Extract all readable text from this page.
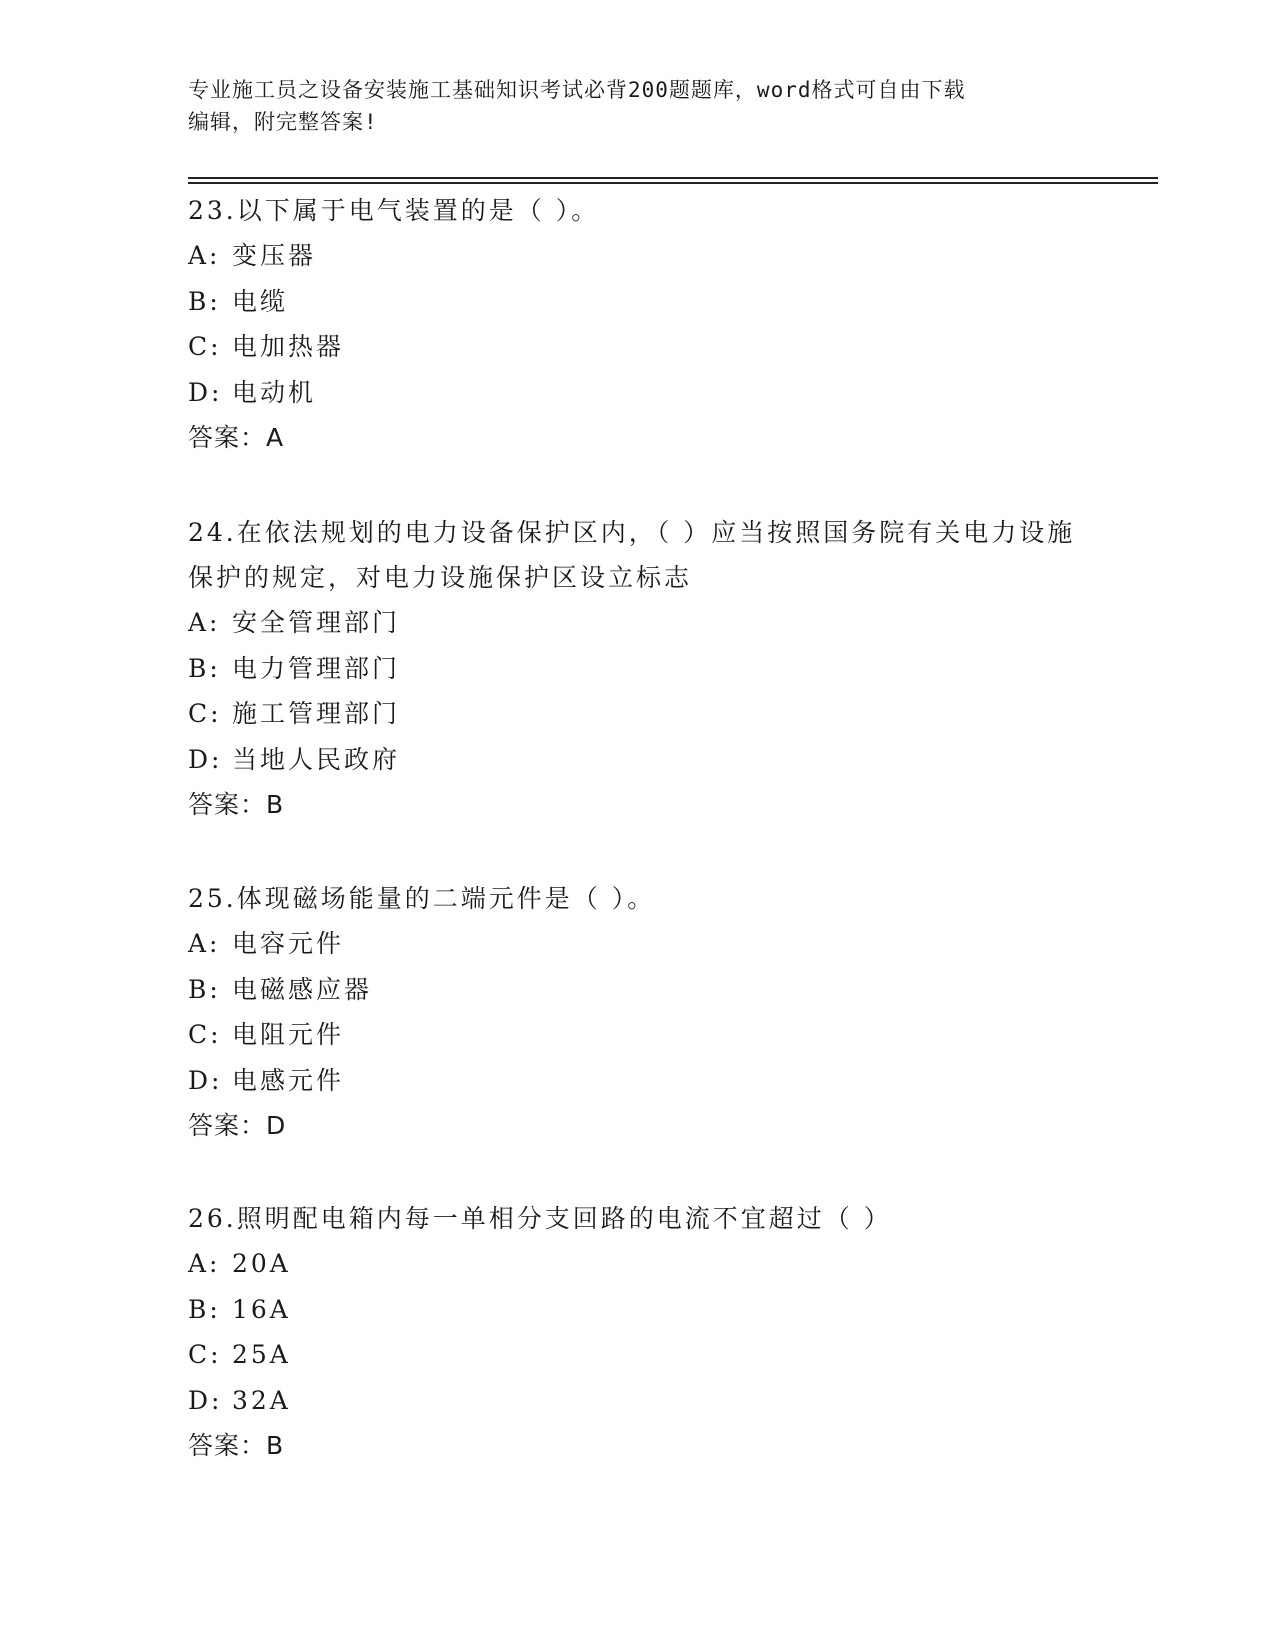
专业施工员之设备安装施工基础知识考试必背200题题库，word格式可自由下载
编辑，附完整答案!

23.以下属于电气装置的是（ ）。

A: 变压器
B: 电缆
C: 电加热器
D: 电动机

答案：A

24.在依法规划的电力设备保护区内，（ ）应当按照国务院有关电力设施保护的规定，对电力设施保护区设立标志

A: 安全管理部门
B: 电力管理部门
C: 施工管理部门
D: 当地人民政府

答案：B

25.体现磁场能量的二端元件是（ ）。

A: 电容元件
B: 电磁感应器
C: 电阻元件
D: 电感元件

答案：D

26.照明配电箱内每一单相分支回路的电流不宜超过（ ）

A: 20A
B: 16A
C: 25A
D: 32A

答案：B
